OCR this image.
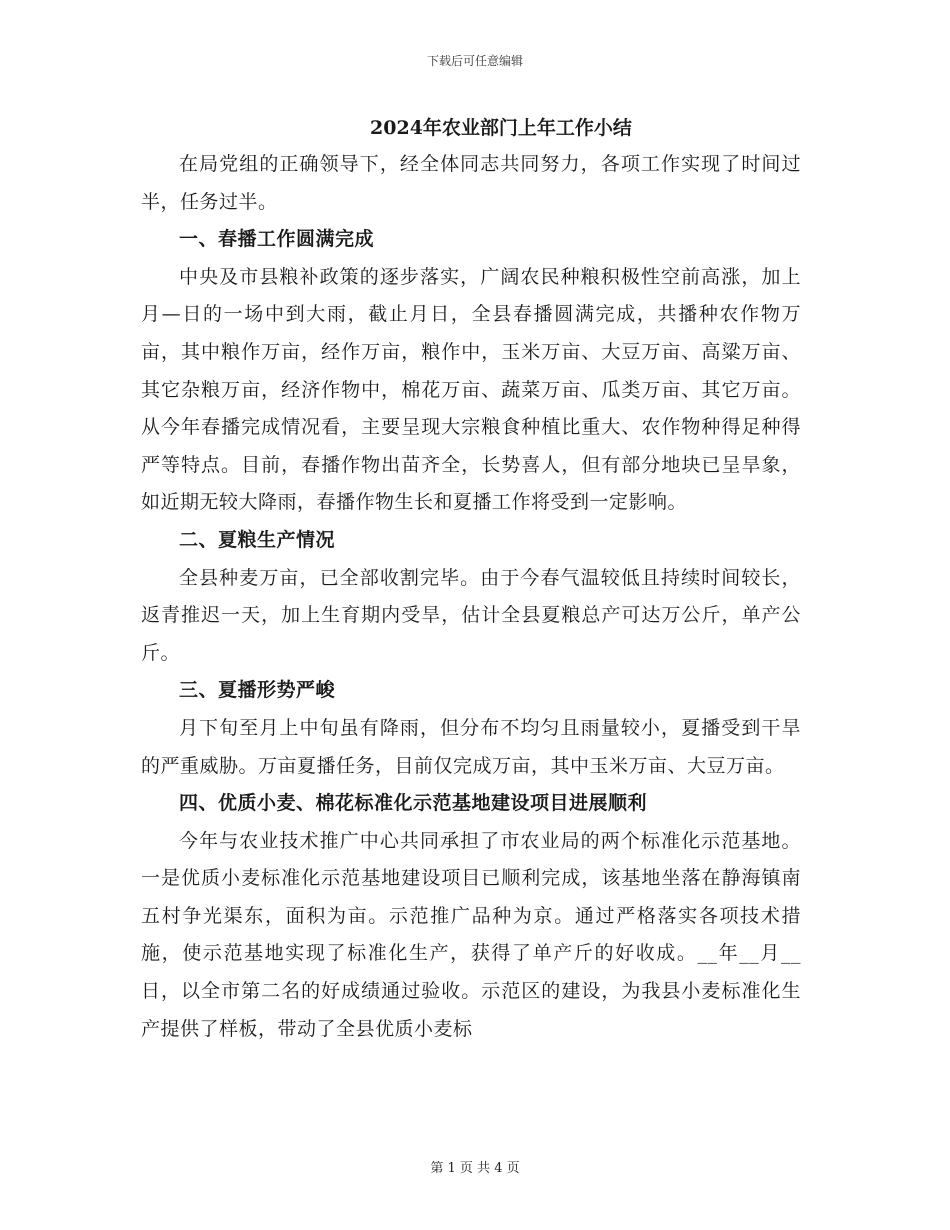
下载后可任意编辑
2024年农业部门上年工作小结

在局党组的正确领导下，经全体同志共同努力，各项工作实现了时间过半，任务过半。

一、春播工作圆满完成

中央及市县粮补政策的逐步落实，广阔农民种粮积极性空前高涨，加上月—日的一场中到大雨，截止月日，全县春播圆满完成，共播种农作物万亩，其中粮作万亩，经作万亩，粮作中，玉米万亩、大豆万亩、高粱万亩、其它杂粮万亩，经济作物中，棉花万亩、蔬菜万亩、瓜类万亩、其它万亩。从今年春播完成情况看，主要呈现大宗粮食种植比重大、农作物种得足种得严等特点。目前，春播作物出苗齐全，长势喜人，但有部分地块已呈旱象，如近期无较大降雨，春播作物生长和夏播工作将受到一定影响。

二、夏粮生产情况

全县种麦万亩，已全部收割完毕。由于今春气温较低且持续时间较长，返青推迟一天，加上生育期内受旱，估计全县夏粮总产可达万公斤，单产公斤。

三、夏播形势严峻

月下旬至月上中旬虽有降雨，但分布不均匀且雨量较小，夏播受到干旱的严重威胁。万亩夏播任务，目前仅完成万亩，其中玉米万亩、大豆万亩。

四、优质小麦、棉花标准化示范基地建设项目进展顺利

今年与农业技术推广中心共同承担了市农业局的两个标准化示范基地。一是优质小麦标准化示范基地建设项目已顺利完成，该基地坐落在静海镇南五村争光渠东，面积为亩。示范推广品种为京。通过严格落实各项技术措施，使示范基地实现了标准化生产，获得了单产斤的好收成。__年__月__日，以全市第二名的好成绩通过验收。示范区的建设，为我县小麦标准化生产提供了样板，带动了全县优质小麦标

第 1 页 共 4 页
